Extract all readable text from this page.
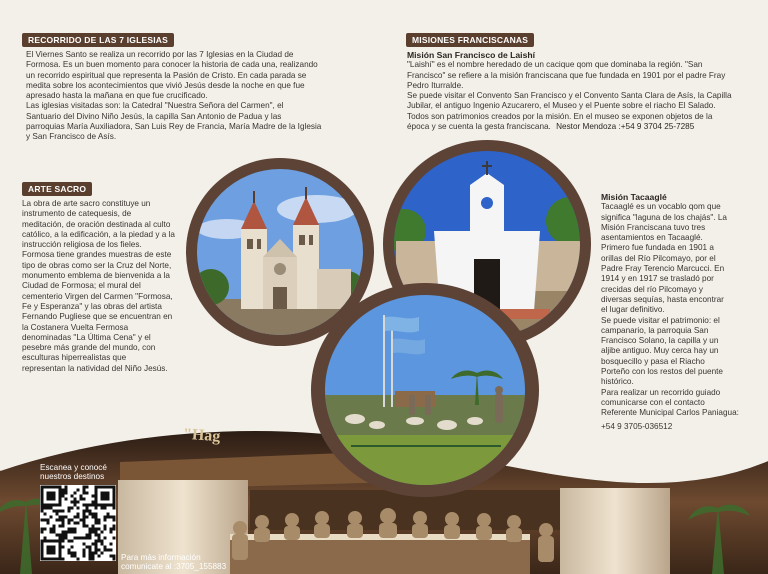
"Hag
RECORRIDO DE LAS 7 IGLESIAS

El Viernes Santo se realiza un recorrido por las 7 Iglesias en la Ciudad de

Formosa. Es un buen momento para conocer la historia de cada una, realizando

un recorrido espiritual que representa la Pasión de Cristo. En cada parada se

medita sobre los acontecimientos que vivió Jesús desde la noche en que fue

apresado hasta la mañana en que fue crucificado.

Las iglesias visitadas son: la Catedral "Nuestra Señora del Carmen", el

Santuario del Divino Niño Jesús, la capilla San Antonio de Padua y las

parroquias María Auxiliadora, San Luis Rey de Francia, María Madre de la Iglesia

y San Francisco de Asís.

ARTE SACRO

La obra de arte sacro constituye un

instrumento de catequesis, de

meditación, de oración destinada al culto

católico, a la edificación, a la piedad y a la

instrucción religiosa de los fieles.

Formosa tiene grandes muestras de este

tipo de obras como ser la Cruz del Norte,

monumento emblema de bienvenida a la

Ciudad de Formosa; el mural del

cementerio Virgen del Carmen "Formosa,

Fe y Esperanza" y las obras del artista

Fernando Pugliese que se encuentran en

la Costanera Vuelta Fermosa

denominadas "La Última Cena" y el

pesebre más grande del mundo, con

esculturas hiperrealistas que

representan la natividad del Niño Jesús.

MISIONES FRANCISCANAS

Misión San Francisco de Laishí

"Laishí" es el nombre heredado de un cacique qom que dominaba la región. "San

Francisco" se refiere a la misión franciscana que fue fundada en 1901 por el padre Fray

Pedro Iturralde.

Se puede visitar el Convento San Francisco y el Convento Santa Clara de Asís, la Capilla

Jubilar, el antiguo Ingenio Azucarero, el Museo y el Puente sobre el riacho El Salado.

Todos son patrimonios creados por la misión. En el museo se exponen objetos de la

época y se cuenta la gesta franciscana. Nestor Mendoza :+54 9 3704 25-7285

Misión Tacaaglé

Tacaaglé es un vocablo qom que

significa "laguna de los chajás". La

Misión Franciscana tuvo tres

asentamientos en Tacaaglé.

Primero fue fundada en 1901 a

orillas del Río Pilcomayo, por el

Padre Fray Terencio Marcucci. En

1914 y en 1917 se trasladó por

crecidas del río Pilcomayo y

diversas sequías, hasta encontrar

el lugar definitivo.

Se puede visitar el patrimonio: el

campanario, la parroquia San

Francisco Solano, la capilla y un

aljibe antiguo. Muy cerca hay un

bosquecillo y pasa el Riacho

Porteño con los restos del puente

histórico.

Para realizar un recorrido guiado

comunicarse con el contacto

Referente Municipal Carlos Paniagua:

+54 9 3705-036512

Escanea y conocé
nuestros destinos
Para más información
comunicate al :3705_155883
